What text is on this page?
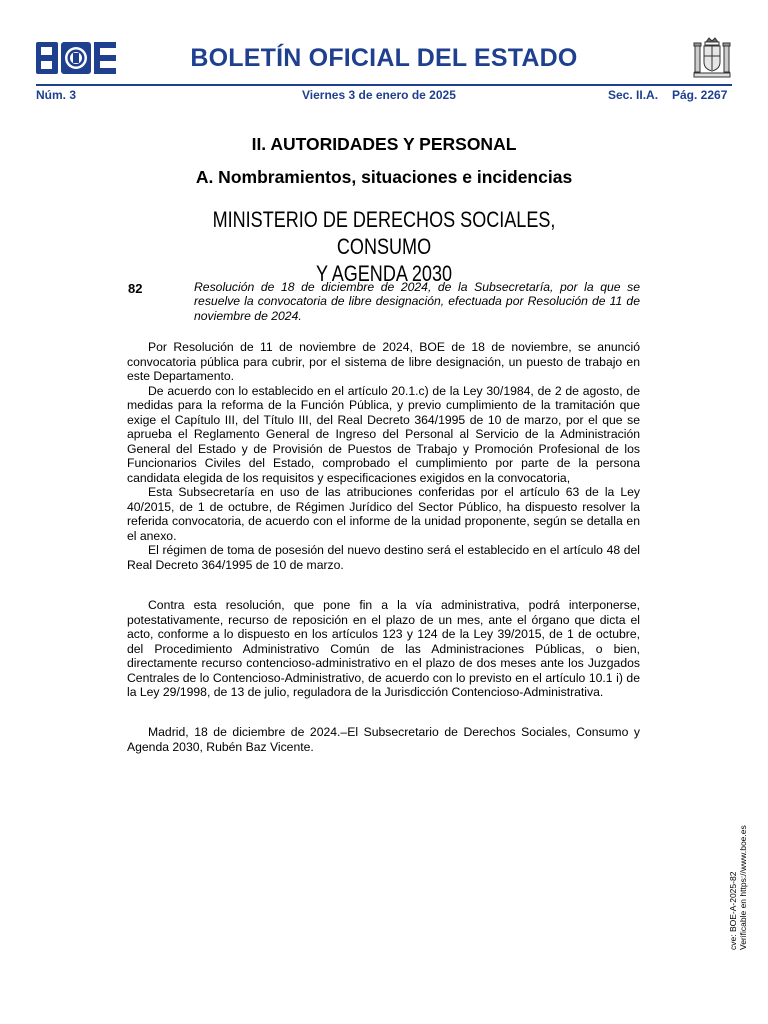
BOLETÍN OFICIAL DEL ESTADO
Núm. 3	Viernes 3 de enero de 2025	Sec. II.A. Pág. 2267
II. AUTORIDADES Y PERSONAL
A. Nombramientos, situaciones e incidencias
MINISTERIO DE DERECHOS SOCIALES, CONSUMO
Y AGENDA 2030
82	Resolución de 18 de diciembre de 2024, de la Subsecretaría, por la que se resuelve la convocatoria de libre designación, efectuada por Resolución de 11 de noviembre de 2024.

Por Resolución de 11 de noviembre de 2024, BOE de 18 de noviembre, se anunció convocatoria pública para cubrir, por el sistema de libre designación, un puesto de trabajo en este Departamento.

De acuerdo con lo establecido en el artículo 20.1.c) de la Ley 30/1984, de 2 de agosto, de medidas para la reforma de la Función Pública, y previo cumplimiento de la tramitación que exige el Capítulo III, del Título III, del Real Decreto 364/1995 de 10 de marzo, por el que se aprueba el Reglamento General de Ingreso del Personal al Servicio de la Administración General del Estado y de Provisión de Puestos de Trabajo y Promoción Profesional de los Funcionarios Civiles del Estado, comprobado el cumplimiento por parte de la persona candidata elegida de los requisitos y especificaciones exigidos en la convocatoria,

Esta Subsecretaría en uso de las atribuciones conferidas por el artículo 63 de la Ley 40/2015, de 1 de octubre, de Régimen Jurídico del Sector Público, ha dispuesto resolver la referida convocatoria, de acuerdo con el informe de la unidad proponente, según se detalla en el anexo.

El régimen de toma de posesión del nuevo destino será el establecido en el artículo 48 del Real Decreto 364/1995 de 10 de marzo.

Contra esta resolución, que pone fin a la vía administrativa, podrá interponerse, potestativamente, recurso de reposición en el plazo de un mes, ante el órgano que dicta el acto, conforme a lo dispuesto en los artículos 123 y 124 de la Ley 39/2015, de 1 de octubre, del Procedimiento Administrativo Común de las Administraciones Públicas, o bien, directamente recurso contencioso-administrativo en el plazo de dos meses ante los Juzgados Centrales de lo Contencioso-Administrativo, de acuerdo con lo previsto en el artículo 10.1 i) de la Ley 29/1998, de 13 de julio, reguladora de la Jurisdicción Contencioso-Administrativa.

Madrid, 18 de diciembre de 2024.–El Subsecretario de Derechos Sociales, Consumo y Agenda 2030, Rubén Baz Vicente.

cve: BOE-A-2025-82 Verificable en https://www.boe.es
